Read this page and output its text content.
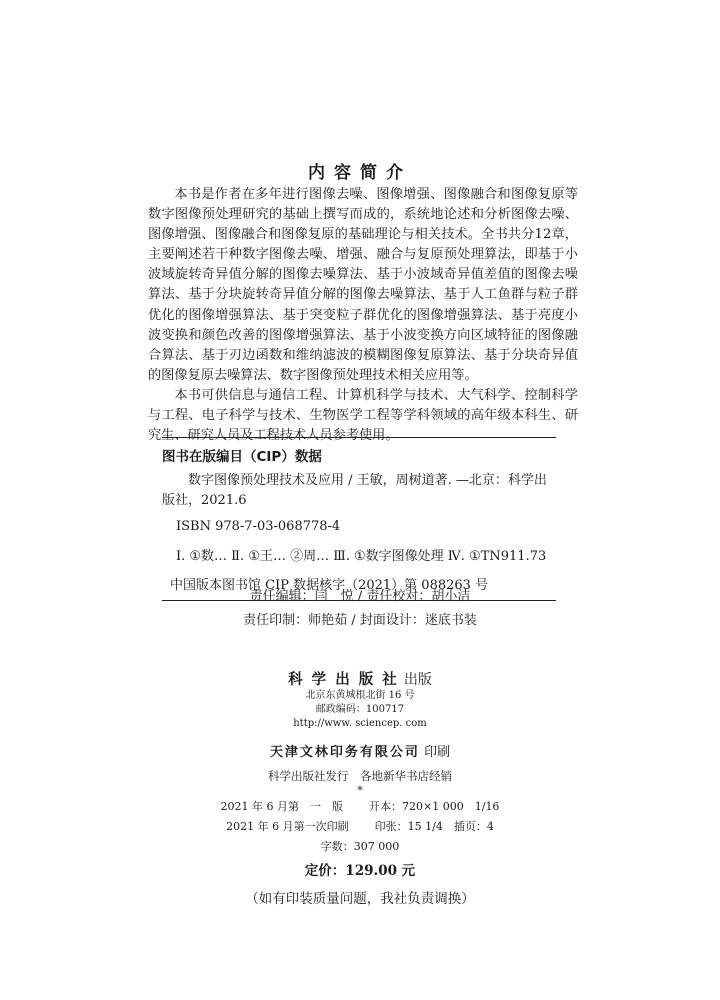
内容简介

本书是作者在多年进行图像去噪、图像增强、图像融合和图像复原等数字图像预处理研究的基础上撰写而成的，系统地论述和分析图像去噪、图像增强、图像融合和图像复原的基础理论与相关技术。全书共分12章，主要阐述若干种数字图像去噪、增强、融合与复原预处理算法，即基于小波域旋转奇异值分解的图像去噪算法、基于小波域奇异值差值的图像去噪算法、基于分块旋转奇异值分解的图像去噪算法、基于人工鱼群与粒子群优化的图像增强算法、基于突变粒子群优化的图像增强算法、基于亮度小波变换和颜色改善的图像增强算法、基于小波变换方向区域特征的图像融合算法、基于刃边函数和维纳滤波的模糊图像复原算法、基于分块奇异值的图像复原去噪算法、数字图像预处理技术相关应用等。

本书可供信息与通信工程、计算机科学与技术、大气科学、控制科学与工程、电子科学与技术、生物医学工程等学科领域的高年级本科生、研究生、研究人员及工程技术人员参考使用。

图书在版编目（CIP）数据

数字图像预处理技术及应用 / 王敏，周树道著. —北京：科学出版社，2021.6

ISBN 978-7-03-068778-4

Ⅰ. ①数… Ⅱ. ①王… ②周… Ⅲ. ①数字图像处理 Ⅳ. ①TN911.73

中国版本图书馆 CIP 数据核字（2021）第 088263 号

责任编辑：闫　悦 / 责任校对：胡小洁
责任印制：师艳茹 / 封面设计：迷底书装
科 学 出 版 社 出版
北京东黄城根北街 16 号
邮政编码：100717
http://www. sciencep. com
天津文林印务有限公司 印刷
科学出版社发行　各地新华书店经销
*
2021 年 6 月第　一　版 开本：720×1 000　1/16
2021 年 6 月第一次印刷 印张：15 1/4　插页：4
字数：307 000
定价：129.00 元
（如有印装质量问题，我社负责调换）
